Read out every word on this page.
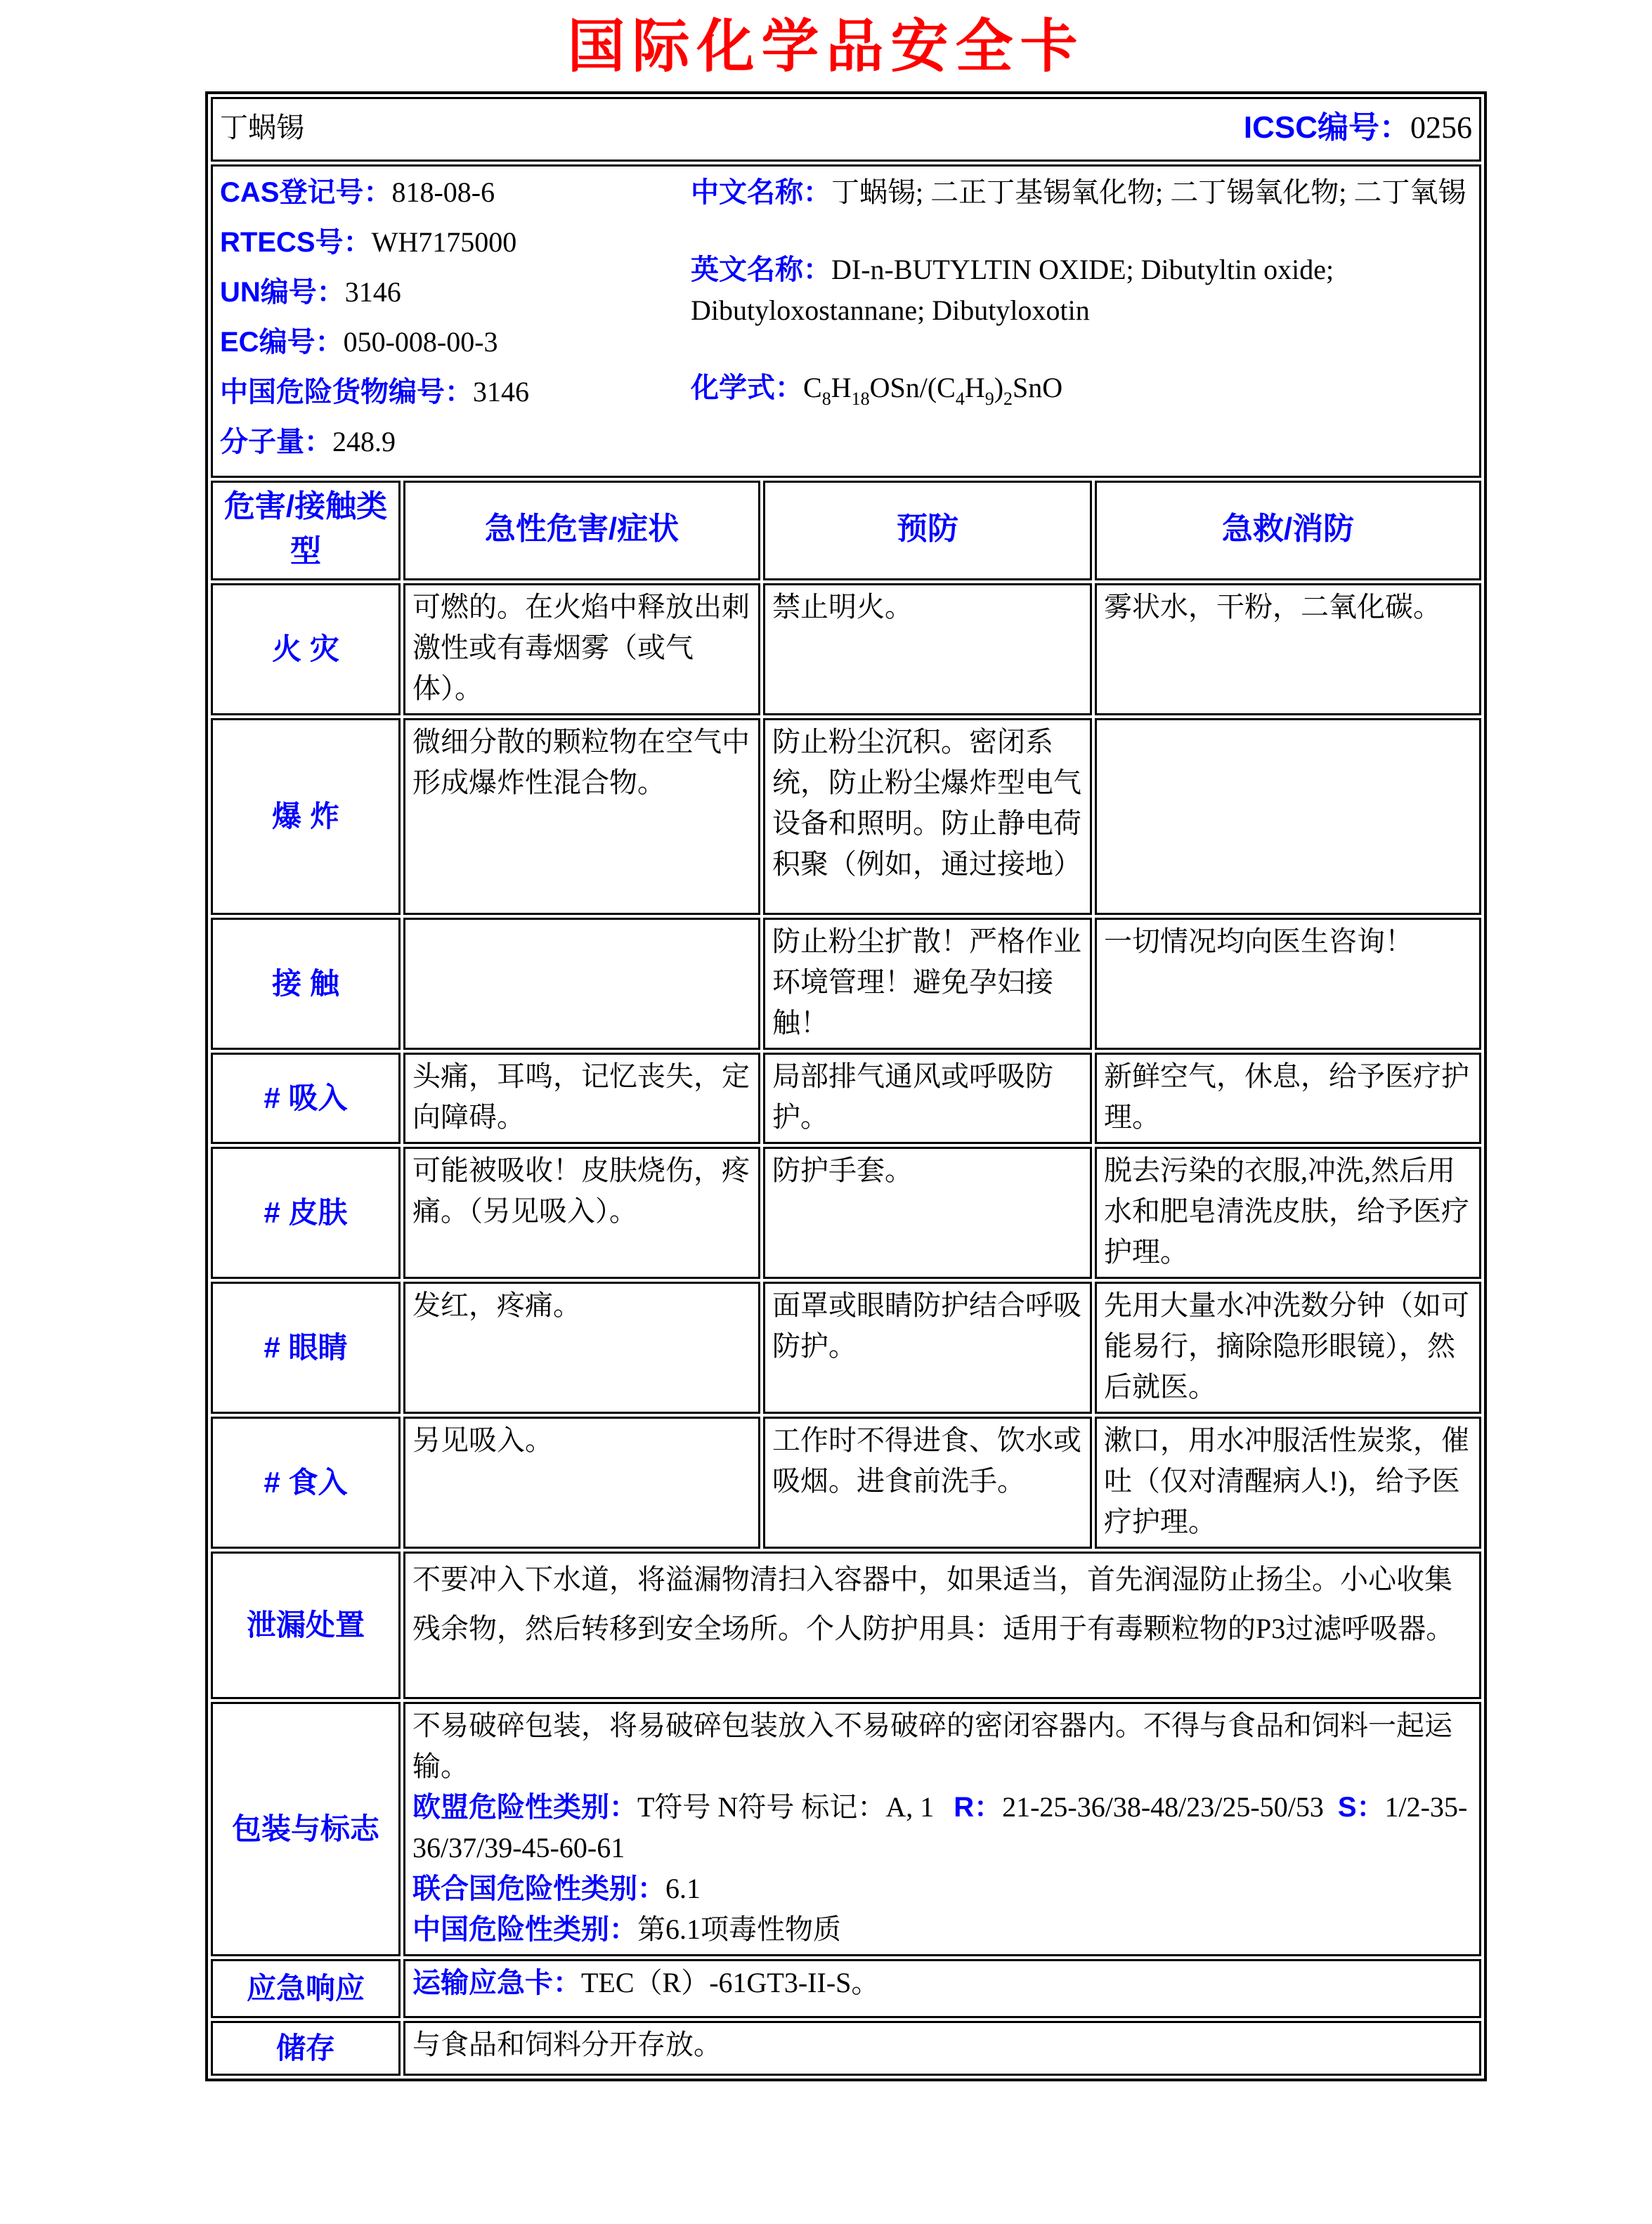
国际化学品安全卡
丁蜗锡 ICSC编号：0256			

CAS登记号：818-08-6
RTECS号：WH7175000
UN编号：3146
EC编号：050-008-00-3
中国危险货物编号：3146
分子量：248.9

中文名称：丁蜗锡; 二正丁基锡氧化物; 二丁锡氧化物; 二丁氧锡

英文名称：DI-n-BUTYLTIN OXIDE; Dibutyltin oxide; Dibutyloxostannane; Dibutyloxotin

化学式：$C_8H_{18}OSn/(C_4H_9)_2SnO$

危害/接触类型	急性危害/症状	预防	急救/消防
火 灾	可燃的。在火焰中释放出刺激性或有毒烟雾（或气体）。	禁止明火。	雾状水，干粉，二氧化碳。
爆 炸	微细分散的颗粒物在空气中形成爆炸性混合物。	防止粉尘沉积。密闭系统，防止粉尘爆炸型电气设备和照明。防止静电荷积聚（例如，通过接地）	
接 触		防止粉尘扩散！严格作业环境管理！避免孕妇接触！	一切情况均向医生咨询！
# 吸入	头痛，耳鸣，记忆丧失，定向障碍。	局部排气通风或呼吸防护。	新鲜空气，休息，给予医疗护理。
# 皮肤	可能被吸收！皮肤烧伤，疼痛。（另见吸入）。	防护手套。	脱去污染的衣服,冲洗,然后用水和肥皂清洗皮肤，给予医疗护理。
# 眼睛	发红，疼痛。	面罩或眼睛防护结合呼吸防护。	先用大量水冲洗数分钟（如可能易行，摘除隐形眼镜），然后就医。
# 食入	另见吸入。	工作时不得进食、饮水或吸烟。进食前洗手。	漱口，用水冲服活性炭浆，催吐（仅对清醒病人!)，给予医疗护理。
泄漏处置	不要冲入下水道，将溢漏物清扫入容器中，如果适当，首先润湿防止扬尘。小心收集残余物，然后转移到安全场所。个人防护用具：适用于有毒颗粒物的P3过滤呼吸器。		
包装与标志	不易破碎包装，将易破碎包装放入不易破碎的密闭容器内。不得与食品和饲料一起运输。

欧盟危险性类别：T符号 N符号 标记：A, 1 R：21-25-36/38-48/23/25-50/53 S：1/2-35-36/37/39-45-60-61

联合国危险性类别：6.1

中国危险性类别：第6.1项毒性物质		

应急响应	运输应急卡：TEC（R）-61GT3-II-S。		
储存	与食品和饲料分开存放。		
